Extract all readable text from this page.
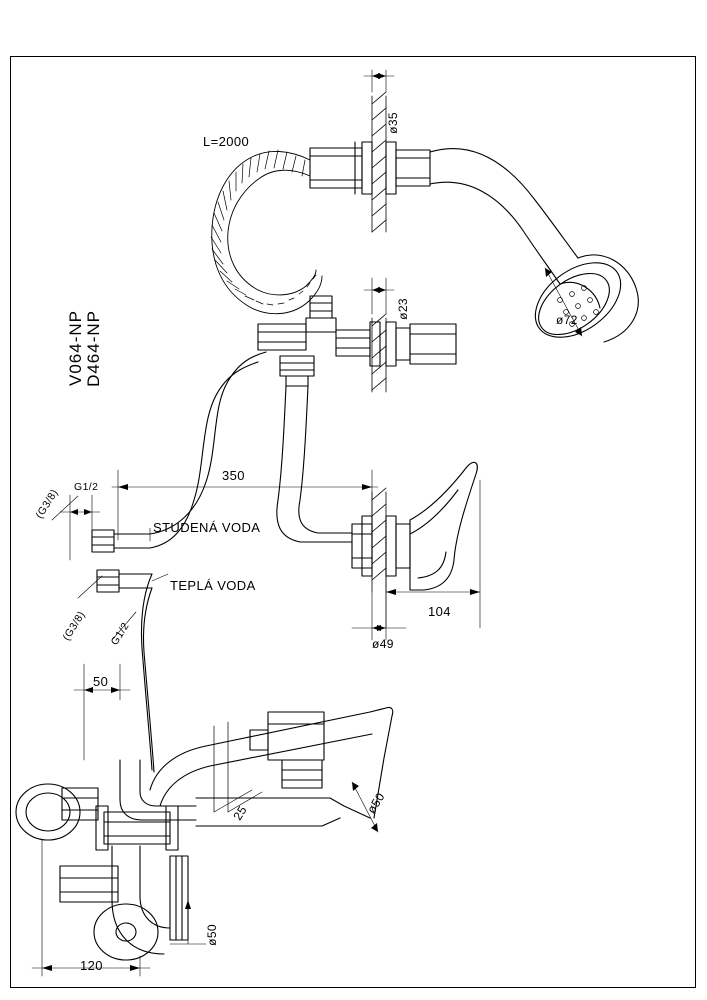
D464-NP
V064-NP
L=2000
ø35
ø23
ø72
350
G1/2
(G3/8)
STUDENÁ VODA
TEPLÁ VODA
(G3/8) G1/2
104
ø49
50
25	ø50
ø50
120
